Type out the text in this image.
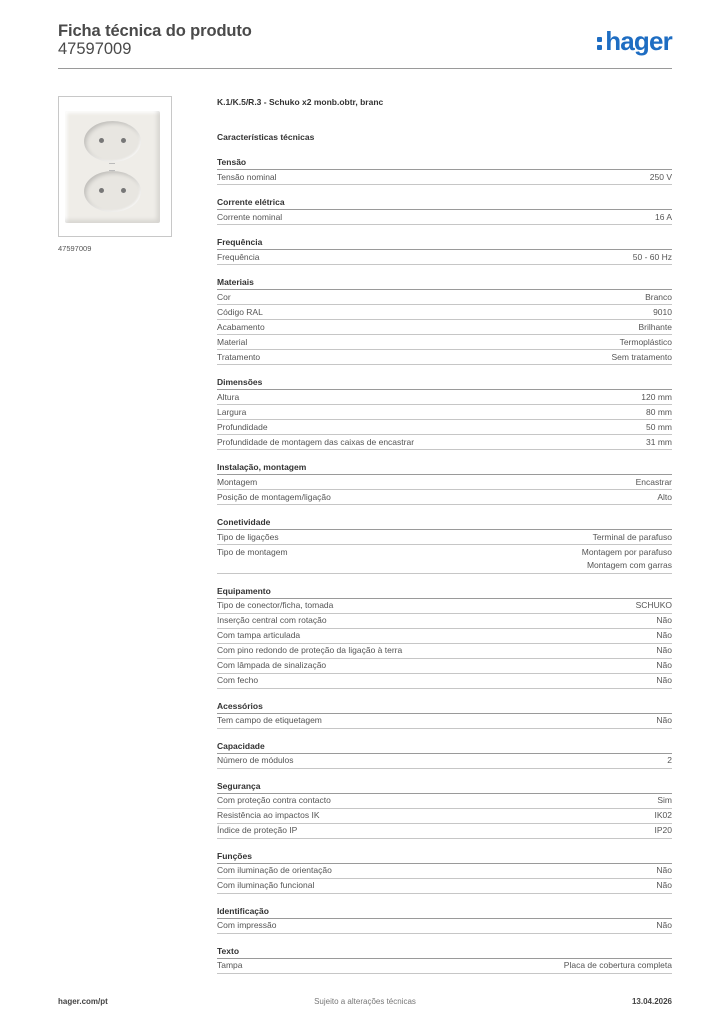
Ficha técnica do produto
47597009	hager
47597009
K.1/K.5/R.3 - Schuko x2 monb.obtr, branc
Características técnicas
Tensão
Tensão nominal	250 V
Corrente elétrica
Corrente nominal	16 A
Frequência
Frequência	50 - 60 Hz
Materiais
Cor	Branco
Código RAL	9010
Acabamento	Brilhante
Material	Termoplástico
Tratamento	Sem tratamento
Dimensões
Altura	120 mm
Largura	80 mm
Profundidade	50 mm
Profundidade de montagem das caixas de encastrar	31 mm
Instalação, montagem
Montagem	Encastrar
Posição de montagem/ligação	Alto
Conetividade
Tipo de ligações	Terminal de parafuso
Tipo de montagem	Montagem por parafuso
Montagem com garras
Equipamento
Tipo de conector/ficha, tomada	SCHUKO
Inserção central com rotação	Não
Com tampa articulada	Não
Com pino redondo de proteção da ligação à terra	Não
Com lâmpada de sinalização	Não
Com fecho	Não
Acessórios
Tem campo de etiquetagem	Não
Capacidade
Número de módulos	2
Segurança
Com proteção contra contacto	Sim
Resistência ao impactos IK	IK02
Índice de proteção IP	IP20
Funções
Com iluminação de orientação	Não
Com iluminação funcional	Não
Identificação
Com impressão	Não
Texto
Tampa	Placa de cobertura completa
hager.com/pt	Sujeito a alterações técnicas	13.04.2026
